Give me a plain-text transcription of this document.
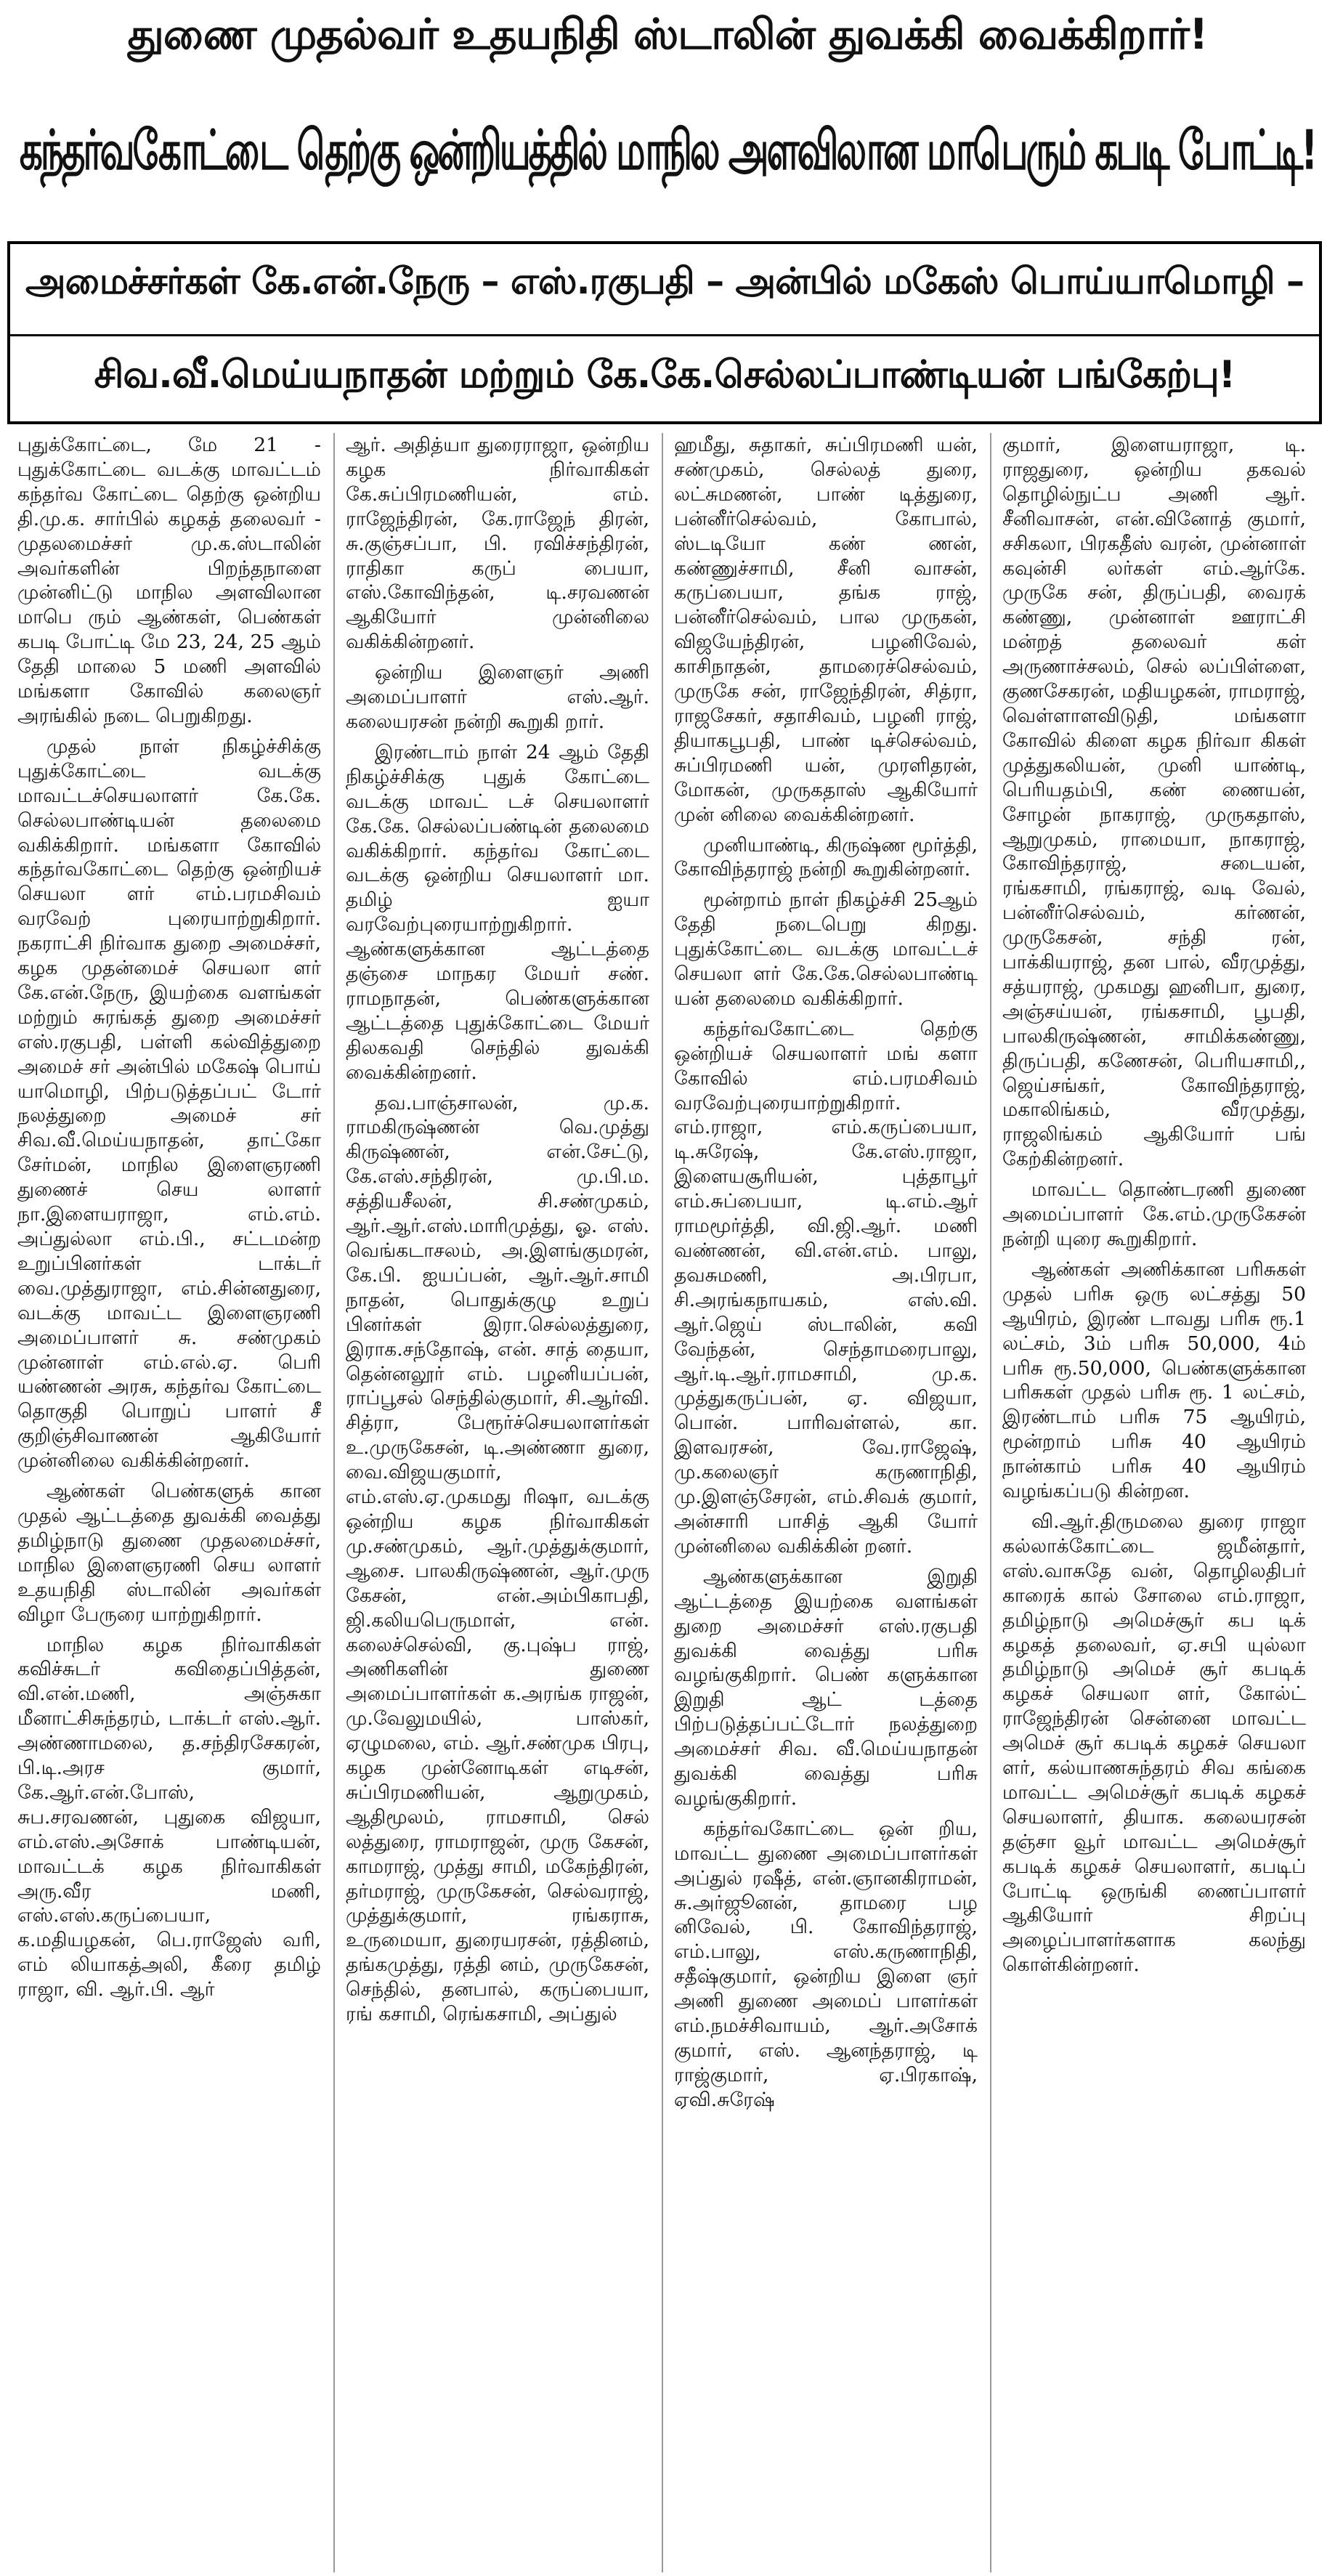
துணை முதல்வர் உதயநிதி ஸ்டாலின் துவக்கி வைக்கிறார்!
கந்தர்வகோட்டை தெற்கு ஒன்றியத்தில் மாநில அளவிலான மாபெரும் கபடி போட்டி!
அமைச்சர்கள் கே.என்.நேரு – எஸ்.ரகுபதி – அன்பில் மகேஸ் பொய்யாமொழி –
சிவ.வீ.மெய்யநாதன் மற்றும் கே.கே.செல்லப்பாண்டியன் பங்கேற்பு!

புதுக்கோட்டை, மே 21 - புதுக்கோட்டை வடக்கு மாவட்டம் கந்தர்வ கோட்டை தெற்கு ஒன்றிய தி.மு.க. சார்பில் கழகத் தலைவர் - முதலமைச்சர் மு.க.ஸ்டாலின் அவர்களின் பிறந்தநாளை முன்னிட்டு மாநில அளவிலான மாபெ ரும் ஆண்கள், பெண்கள் கபடி போட்டி மே 23, 24, 25 ஆம் தேதி மாலை 5 மணி அளவில் மங்களா கோவில் கலைஞர் அரங்கில் நடை பெறுகிறது.

முதல் நாள் நிகழ்ச்சிக்கு புதுக்கோட்டை வடக்கு மாவட்டச்செயலாளர் கே.கே. செல்லபாண்டியன் தலைமை வகிக்கிறார். மங்களா கோவில் கந்தர்வகோட்டை தெற்கு ஒன்றியச் செயலா ளர் எம்.பரமசிவம் வரவேற் புரையாற்றுகிறார். நகராட்சி நிர்வாக துறை அமைச்சர், கழக முதன்மைச் செயலா ளர் கே.என்.நேரு, இயற்கை வளங்கள் மற்றும் சுரங்கத் துறை அமைச்சர் எஸ்.ரகுபதி, பள்ளி கல்வித்துறை அமைச் சர் அன்பில் மகேஷ் பொய் யாமொழி, பிற்படுத்தப்பட் டோர் நலத்துறை அமைச் சர் சிவ.வீ.மெய்யநாதன், தாட்கோ சேர்மன், மாநில இளைஞரணி துணைச் செய லாளர் நா.இளையராஜா, எம்.எம். அப்துல்லா எம்.பி., சட்டமன்ற உறுப்பினர்கள் டாக்டர் வை.முத்துராஜா, எம்.சின்னதுரை, வடக்கு மாவட்ட இளைஞரணி அமைப்பாளர் சு. சண்முகம் முன்னாள் எம்.எல்.ஏ. பெரி யண்ணன் அரசு, கந்தர்வ கோட்டை தொகுதி பொறுப் பாளர் சீ குறிஞ்சிவாணன் ஆகியோர் முன்னிலை வகிக்கின்றனர்.

ஆண்கள் பெண்களுக் கான முதல் ஆட்டத்தை துவக்கி வைத்து தமிழ்நாடு துணை முதலமைச்சர், மாநில இளைஞரணி செய லாளர் உதயநிதி ஸ்டாலின் அவர்கள் விழா பேருரை யாற்றுகிறார்.

மாநில கழக நிர்வாகிகள் கவிச்சுடர் கவிதைப்பித்தன், வி.என்.மணி, அஞ்சுகா மீனாட்சிசுந்தரம், டாக்டர் எஸ்.ஆர். அண்ணாமலை, த.சந்திரசேகரன், பி.டி.அரச குமார், கே.ஆர்.என்.போஸ், சுப.சரவணன், புதுகை விஜயா, எம்.எஸ்.அசோக் பாண்டியன், மாவட்டக் கழக நிர்வாகிகள் அரு.வீர மணி, எஸ்.எஸ்.கருப்பையா, க.மதியழகன், பெ.ராஜேஸ் வரி, எம் லியாகத்அலி, கீரை தமிழ் ராஜா, வி. ஆர்.பி. ஆர்

ஆர். அதித்யா துரைராஜா, ஒன்றிய கழக நிர்வாகிகள் கே.சுப்பிரமணியன், எம். ராஜேந்திரன், கே.ராஜேந் திரன், சு.குஞ்சப்பா, பி. ரவிச்சந்திரன், ராதிகா கருப் பையா, எஸ்.கோவிந்தன், டி.சரவணன் ஆகியோர் முன்னிலை வகிக்கின்றனர்.

ஒன்றிய இளைஞர் அணி அமைப்பாளர் எஸ்.ஆர். கலையரசன் நன்றி கூறுகி றார்.

இரண்டாம் நாள் 24 ஆம் தேதி நிகழ்ச்சிக்கு புதுக் கோட்டை வடக்கு மாவட் டச் செயலாளர் கே.கே. செல்லப்பண்டின் தலைமை வகிக்கிறார். கந்தர்வ கோட்டை வடக்கு ஒன்றிய செயலாளர் மா. தமிழ் ஐயா வரவேற்புரையாற்றுகிறார். ஆண்களுக்கான ஆட்டத்தை தஞ்சை மாநகர மேயர் சண். ராமநாதன், பெண்களுக்கான ஆட்டத்தை புதுக்கோட்டை மேயர் திலகவதி செந்தில் துவக்கி வைக்கின்றனர்.

தவ.பாஞ்சாலன், மு.க. ராமகிருஷ்ணன் வெ.முத்து கிருஷ்ணன், என்.சேட்டு, கே.எஸ்.சந்திரன், மு.பி.ம. சத்தியசீலன், சி.சண்முகம், ஆர்.ஆர்.எஸ்.மாரிமுத்து, ஓ. எஸ். வெங்கடாசலம், அ.இளங்குமரன், கே.பி. ஐயப்பன், ஆர்.ஆர்.சாமி நாதன், பொதுக்குழு உறுப் பினர்கள் இரா.செல்லத்துரை, இராக.சந்தோஷ், என். சாத் தையா, தென்னலூர் எம். பழனியப்பன், ராப்பூசல் செந்தில்குமார், சி.ஆர்வி. சித்ரா, பேரூர்ச்செயலாளர்கள் உ.முருகேசன், டி.அண்ணா துரை, வை.விஜயகுமார், எம்.எஸ்.ஏ.முகமது ரிஷா, வடக்கு ஒன்றிய கழக நிர்வாகிகள் மு.சண்முகம், ஆர்.முத்துக்குமார், ஆசை. பாலகிருஷ்ணன், ஆர்.முரு கேசன், என்.அம்பிகாபதி, ஜி.கலியபெருமாள், என். கலைச்செல்வி, கு.புஷ்ப ராஜ், அணிகளின் துணை அமைப்பாளர்கள் க.அரங்க ராஜன், மு.வேலுமயில், பாஸ்கர், ஏழுமலை, எம். ஆர்.சண்முக பிரபு, கழக முன்னோடிகள் எடிசன், சுப்பிரமணியன், ஆறுமுகம், ஆதிமூலம், ராமசாமி, செல் லத்துரை, ராமராஜன், முரு கேசன், காமராஜ், முத்து சாமி, மகேந்திரன், தர்மராஜ், முருகேசன், செல்வராஜ், முத்துக்குமார், ரங்கராசு, உருமையா, துரையரசன், ரத்தினம், தங்கமுத்து, ரத்தி னம், முருகேசன், செந்தில், தனபால், கருப்பையா, ரங் கசாமி, ரெங்கசாமி, அப்துல்

ஹமீது, சுதாகர், சுப்பிரமணி யன், சண்முகம், செல்லத் துரை, லட்சுமணன், பாண் டித்துரை, பன்னீர்செல்வம், கோபால், ஸ்டடியோ கண் ணன், கண்ணுச்சாமி, சீனி வாசன், கருப்பையா, தங்க ராஜ், பன்னீர்செல்வம், பால முருகன், விஜயேந்திரன், பழனிவேல், காசிநாதன், தாமரைச்செல்வம், முருகே சன், ராஜேந்திரன், சித்ரா, ராஜசேகர், சதாசிவம், பழனி ராஜ், தியாகபூபதி, பாண் டிச்செல்வம், சுப்பிரமணி யன், முரளிதரன், மோகன், முருகதாஸ் ஆகியோர் முன் னிலை வைக்கின்றனர்.

முனியாண்டி, கிருஷ்ண மூர்த்தி, கோவிந்தராஜ் நன்றி கூறுகின்றனர்.

மூன்றாம் நாள் நிகழ்ச்சி 25ஆம் தேதி நடைபெறு கிறது. புதுக்கோட்டை வடக்கு மாவட்டச் செயலா ளர் கே.கே.செல்லபாண்டி யன் தலைமை வகிக்கிறார்.

கந்தர்வகோட்டை தெற்கு ஒன்றியச் செயலாளர் மங் களா கோவில் எம்.பரமசிவம் வரவேற்புரையாற்றுகிறார். எம்.ராஜா, எம்.கருப்பையா, டி.சுரேஷ், கே.எஸ்.ராஜா, இளையசூரியன், புத்தாபூர் எம்.சுப்பையா, டி.எம்.ஆர் ராமமூர்த்தி, வி.ஜி.ஆர். மணி வண்ணன், வி.என்.எம். பாலு, தவசுமணி, அ.பிரபா, சி.அரங்கநாயகம், எஸ்.வி. ஆர்.ஜெய் ஸ்டாலின், கவி வேந்தன், செந்தாமரைபாலு, ஆர்.டி.ஆர்.ராமசாமி, மு.க. முத்துகருப்பன், ஏ. விஜயா, பொன். பாரிவள்ளல், கா. இளவரசன், வே.ராஜேஷ், மு.கலைஞர் கருணாநிதி, மு.இளஞ்சேரன், எம்.சிவக் குமார், அன்சாரி பாசித் ஆகி யோர் முன்னிலை வகிக்கின் றனர்.

ஆண்களுக்கான இறுதி ஆட்டத்தை இயற்கை வளங்கள் துறை அமைச்சர் எஸ்.ரகுபதி துவக்கி வைத்து பரிசு வழங்குகிறார். பெண் களுக்கான இறுதி ஆட் டத்தை பிற்படுத்தப்பட்டோர் நலத்துறை அமைச்சர் சிவ. வீ.மெய்யநாதன் துவக்கி வைத்து பரிசு வழங்குகிறார்.

கந்தர்வகோட்டை ஒன் றிய, மாவட்ட துணை அமைப்பாளர்கள் அப்துல் ரஷீத், என்.ஞானகிராமன், சு.அர்ஜூனன், தாமரை பழ னிவேல், பி. கோவிந்தராஜ், எம்.பாலு, எஸ்.கருணாநிதி, சதீஷ்குமார், ஒன்றிய இளை ஞர் அணி துணை அமைப் பாளர்கள் எம்.நமச்சிவாயம், ஆர்.அசோக் குமார், எஸ். ஆனந்தராஜ், டி ராஜ்குமார், ஏ.பிரகாஷ், ஏவி.சுரேஷ்

குமார், இளையராஜா, டி. ராஜதுரை, ஒன்றிய தகவல் தொழில்நுட்ப அணி ஆர். சீனிவாசன், என்.வினோத் குமார், சசிகலா, பிரகதீஸ் வரன், முன்னாள் கவுன்சி லர்கள் எம்.ஆர்கே. முருகே சன், திருப்பதி, வைரக் கண்ணு, முன்னாள் ஊராட்சி மன்றத் தலைவர் கள் அருணாச்சலம், செல் லப்பிள்ளை, குணசேகரன், மதியழகன், ராமராஜ், வெள்ளாளவிடுதி, மங்களா கோவில் கிளை கழக நிர்வா கிகள் முத்துகலியன், முனி யாண்டி, பெரியதம்பி, கண் ணையன், சோழன் நாகராஜ், முருகதாஸ், ஆறுமுகம், ராமையா, நாகராஜ், கோவிந்தராஜ், சடையன், ரங்கசாமி, ரங்கராஜ், வடி வேல், பன்னீர்செல்வம், கர்ணன், முருகேசன், சந்தி ரன், பாக்கியராஜ், தன பால், வீரமுத்து, சத்யராஜ், முகமது ஹனிபா, துரை, அஞ்சய்யன், ரங்கசாமி, பூபதி, பாலகிருஷ்ணன், சாமிக்கண்ணு, திருப்பதி, கணேசன், பெரியசாமி,, ஜெய்சங்கர், கோவிந்தராஜ், மகாலிங்கம், வீரமுத்து, ராஜலிங்கம் ஆகியோர் பங் கேற்கின்றனர்.

மாவட்ட தொண்டரணி துணை அமைப்பாளர் கே.எம்.முருகேசன் நன்றி யுரை கூறுகிறார்.

ஆண்கள் அணிக்கான பரிசுகள் முதல் பரிசு ஒரு லட்சத்து 50 ஆயிரம், இரண் டாவது பரிசு ரூ.1 லட்சம், 3ம் பரிசு 50,000, 4ம் பரிசு ரூ.50,000, பெண்களுக்கான பரிசுகள் முதல் பரிசு ரூ. 1 லட்சம், இரண்டாம் பரிசு 75 ஆயிரம், மூன்றாம் பரிசு 40 ஆயிரம் நான்காம் பரிசு 40 ஆயிரம் வழங்கப்படு கின்றன.

வி.ஆர்.திருமலை துரை ராஜா கல்லாக்கோட்டை ஜமீன்தார், எஸ்.வாசுதே வன், தொழிலதிபர் காரைக் கால் சோலை எம்.ராஜா, தமிழ்நாடு அமெச்சூர் கப டிக் கழகத் தலைவர், ஏ.சபி யுல்லா தமிழ்நாடு அமெச் சூர் கபடிக் கழகச் செயலா ளர், கோல்ட் ராஜேந்திரன் சென்னை மாவட்ட அமெச் சூர் கபடிக் கழகச் செயலா ளர், கல்யாணசுந்தரம் சிவ கங்கை மாவட்ட அமெச்சூர் கபடிக் கழகச் செயலாளர், தியாக. கலையரசன் தஞ்சா வூர் மாவட்ட அமெச்சூர் கபடிக் கழகச் செயலாளர், கபடிப் போட்டி ஒருங்கி ணைப்பாளர் ஆகியோர் சிறப்பு அழைப்பாளர்களாக கலந்து கொள்கின்றனர்.
